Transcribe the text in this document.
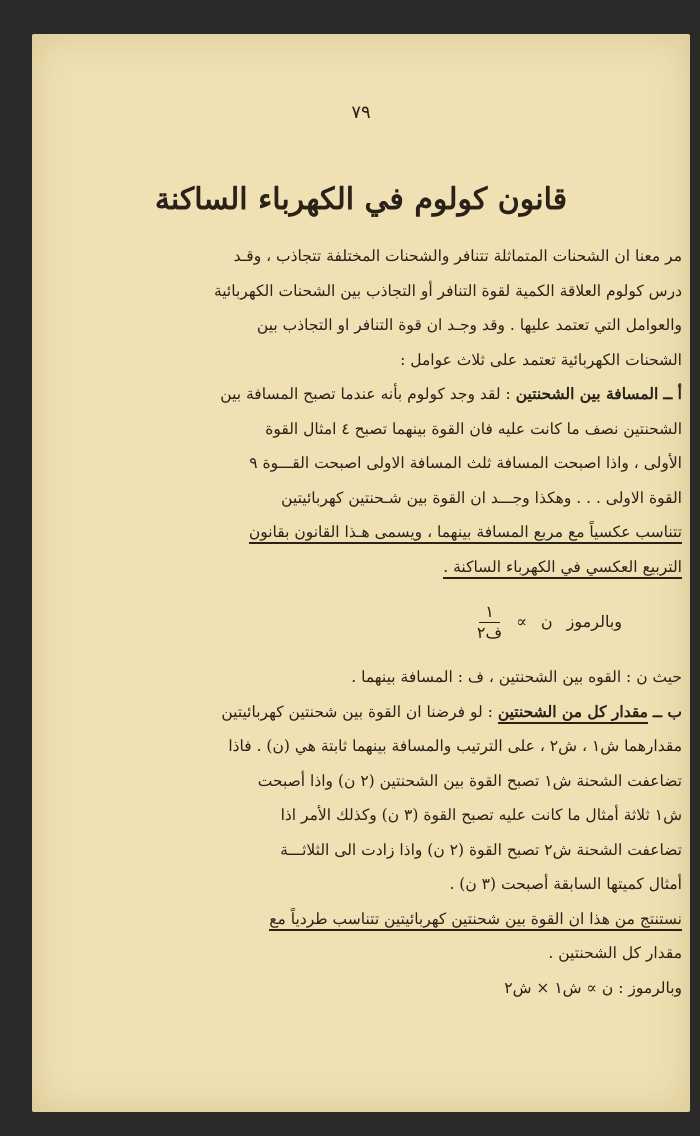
٧٩
قانون كولوم في الكهرباء الساكنة

مر معنا ان الشحنات المتماثلة تتنافر والشحنات المختلفة تتجاذب ، وقـد

درس كولوم العلاقة الكمية لقوة التنافر أو التجاذب بين الشحنات الكهربائية

والعوامل التي تعتمد عليها . وقد وجـد ان قوة التنافر او التجاذب بين

الشحنات الكهربائية تعتمد على ثلاث عوامل :

أ ــ المسافة بين الشحنتين : لقد وجد كولوم بأنه عندما تصبح المسافة بين

الشحنتين نصف ما كانت عليه فان القوة بينهما تصبح ٤ امثال القوة

الأولى ، واذا اصبحت المسافة ثلث المسافة الاولى اصبحت القـــوة ٩

القوة الاولى . . . وهكذا وجـــد ان القوة بين شـحنتين كهربائيتين

تتناسب عكسياً مع مربع المسافة بينهما ، ويسمى هـذا القانون بقانون

التربيع العكسي في الكهرباء الساكنة .

وبالرموز
ن
∝
$\frac{١}{\text{ف٢}}$

حيث ن : القوه بين الشحنتين ، ف : المسافة بينهما .

ب ــ مقدار كل من الشحنتين : لو فرضنا ان القوة بين شحنتين كهربائيتين

مقدارهما ش١ ، ش٢ ، على الترتيب والمسافة بينهما ثابتة هي (ن) . فاذا

تضاعفت الشحنة ش١ تصبح القوة بين الشحنتين (٢ ن) واذا أصبحت

ش١ ثلاثة أمثال ما كانت عليه تصبح القوة (٣ ن) وكذلك الأمر اذا

تضاعفت الشحنة ش٢ تصبح القوة (٢ ن) واذا زادت الى الثلاثـــة

أمثال كميتها السابقة أصبحت (٣ ن) .

نستنتج من هذا ان القوة بين شحنتين كهربائيتين تتناسب طردياً مع

مقدار كل الشحنتين .

وبالرموز : ن ∝ ش١ × ش٢
